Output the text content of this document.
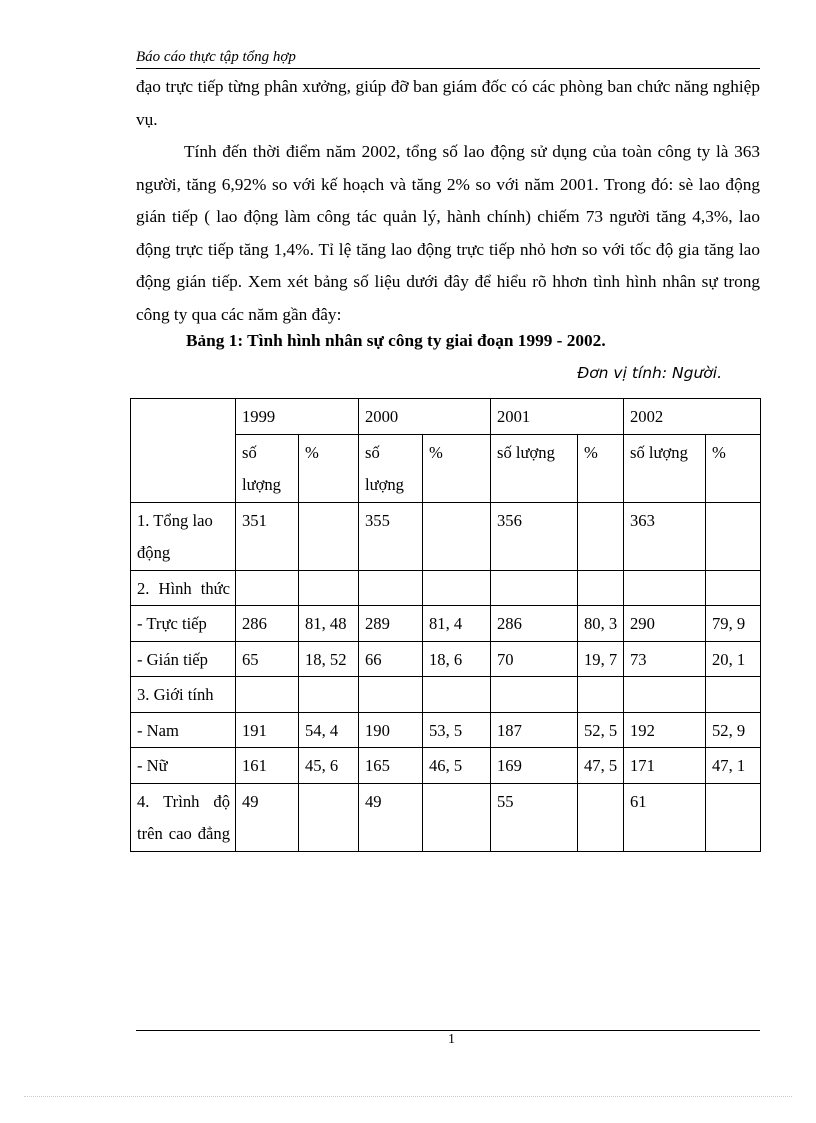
Báo cáo thực tập tổng hợp

đạo trực tiếp từng phân xưởng, giúp đỡ ban giám đốc có các phòng ban chức năng nghiệp vụ.

Tính đến thời điểm năm 2002, tổng số lao động sử dụng của toàn công ty là 363 người, tăng 6,92% so với kế hoạch và tăng 2% so với năm 2001. Trong đó: sè lao động gián tiếp ( lao động làm công tác quản lý, hành chính) chiếm 73 người tăng 4,3%, lao động trực tiếp tăng 1,4%. Tỉ lệ tăng lao động trực tiếp nhỏ hơn so với tốc độ gia tăng lao động gián tiếp. Xem xét bảng số liệu dưới đây để hiểu rõ hhơn tình hình nhân sự trong công ty qua các năm gần đây:

Bảng 1: Tình hình nhân sự công ty giai đoạn 1999 - 2002.
Đơn vị tính: Người.
	1999		2000		2001		2002	
	số lượng	%	số lượng	%	số lượng	%	số lượng	%
1. Tổng lao động	351		355		356		363	
2. Hình thức								
- Trực tiếp	286	81, 48	289	81, 4	286	80, 3	290	79, 9
- Gián tiếp	65	18, 52	66	18, 6	70	19, 7	73	20, 1
3. Giới tính								
- Nam	191	54, 4	190	53, 5	187	52, 5	192	52, 9
- Nữ	161	45, 6	165	46, 5	169	47, 5	171	47, 1
4. Trình độ trên cao đẳng	49		49		55		61	
1
